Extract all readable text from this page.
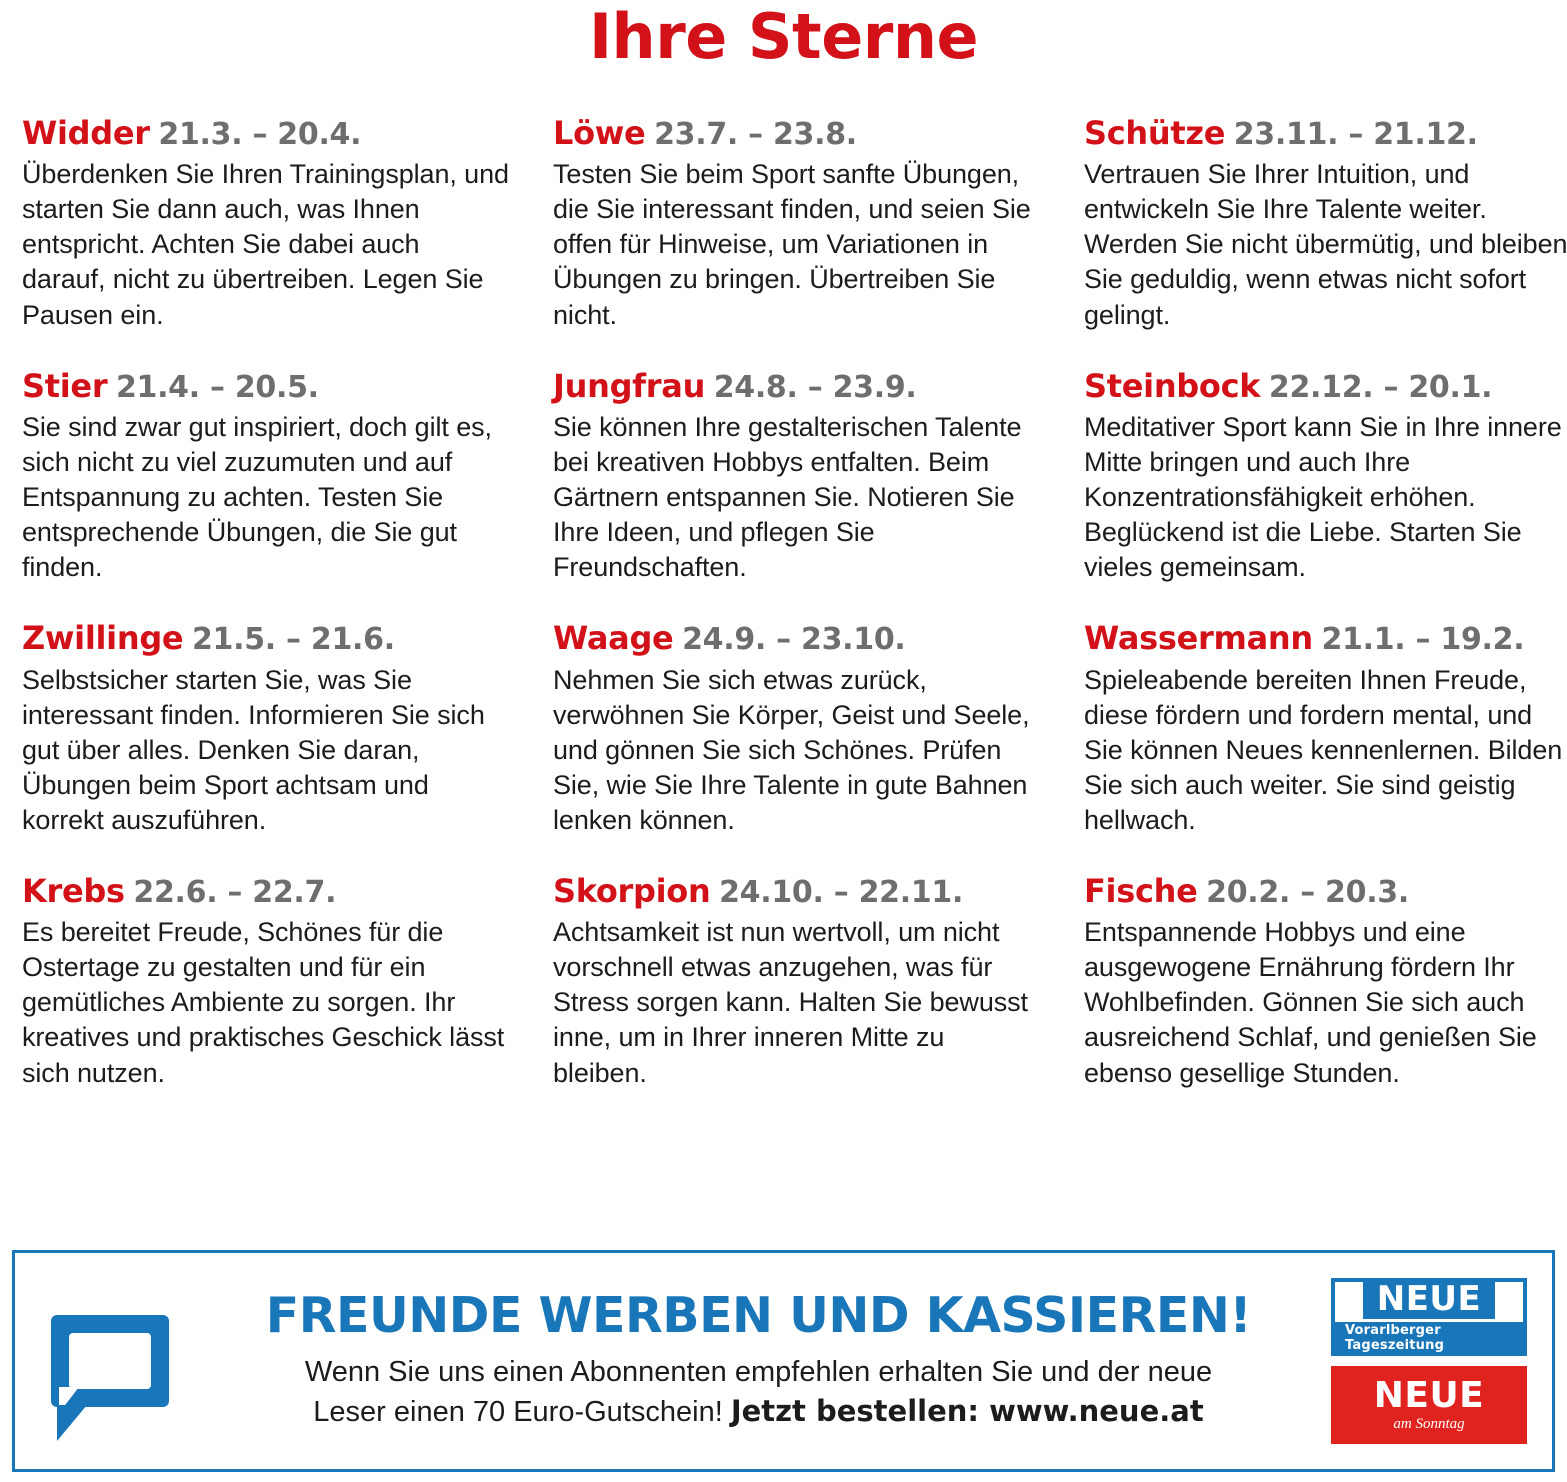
Ihre Sterne
Widder 21.3. – 20.4.
Überdenken Sie Ihren Trainingsplan, und starten Sie dann auch, was Ihnen entspricht. Achten Sie dabei auch darauf, nicht zu übertreiben. Legen Sie Pausen ein.
Stier 21.4. – 20.5.
Sie sind zwar gut inspiriert, doch gilt es, sich nicht zu viel zuzumuten und auf Entspannung zu achten. Testen Sie entsprechende Übungen, die Sie gut finden.
Zwillinge 21.5. – 21.6.
Selbstsicher starten Sie, was Sie interessant finden. Informieren Sie sich gut über alles. Denken Sie daran, Übungen beim Sport achtsam und korrekt auszuführen.
Krebs 22.6. – 22.7.
Es bereitet Freude, Schönes für die Ostertage zu gestalten und für ein gemütliches Ambiente zu sorgen. Ihr kreatives und praktisches Geschick lässt sich nutzen.
Löwe 23.7. – 23.8.
Testen Sie beim Sport sanfte Übungen, die Sie interessant finden, und seien Sie offen für Hinweise, um Variationen in Übungen zu bringen. Übertreiben Sie nicht.
Jungfrau 24.8. – 23.9.
Sie können Ihre gestalterischen Talente bei kreativen Hobbys entfalten. Beim Gärtnern entspannen Sie. Notieren Sie Ihre Ideen, und pflegen Sie Freundschaften.
Waage 24.9. – 23.10.
Nehmen Sie sich etwas zurück, verwöhnen Sie Körper, Geist und Seele, und gönnen Sie sich Schönes. Prüfen Sie, wie Sie Ihre Talente in gute Bahnen lenken können.
Skorpion 24.10. – 22.11.
Achtsamkeit ist nun wertvoll, um nicht vorschnell etwas anzugehen, was für Stress sorgen kann. Halten Sie bewusst inne, um in Ihrer inneren Mitte zu bleiben.
Schütze 23.11. – 21.12.
Vertrauen Sie Ihrer Intuition, und entwickeln Sie Ihre Talente weiter. Werden Sie nicht übermütig, und bleiben Sie geduldig, wenn etwas nicht sofort gelingt.
Steinbock 22.12. – 20.1.
Meditativer Sport kann Sie in Ihre innere Mitte bringen und auch Ihre Konzentrationsfähigkeit erhöhen. Beglückend ist die Liebe. Starten Sie vieles gemeinsam.
Wassermann 21.1. – 19.2.
Spieleabende bereiten Ihnen Freude, diese fördern und fordern mental, und Sie können Neues kennenlernen. Bilden Sie sich auch weiter. Sie sind geistig hellwach.
Fische 20.2. – 20.3.
Entspannende Hobbys und eine ausgewogene Ernährung fördern Ihr Wohlbefinden. Gönnen Sie sich auch ausreichend Schlaf, und genießen Sie ebenso gesellige Stunden.
FREUNDE WERBEN UND KASSIEREN!
Wenn Sie uns einen Abonnenten empfehlen erhalten Sie und der neue
Leser einen 70 Euro-Gutschein! Jetzt bestellen: www.neue.at
NEUE
Vorarlberger Tageszeitung
NEUE
am Sonntag
